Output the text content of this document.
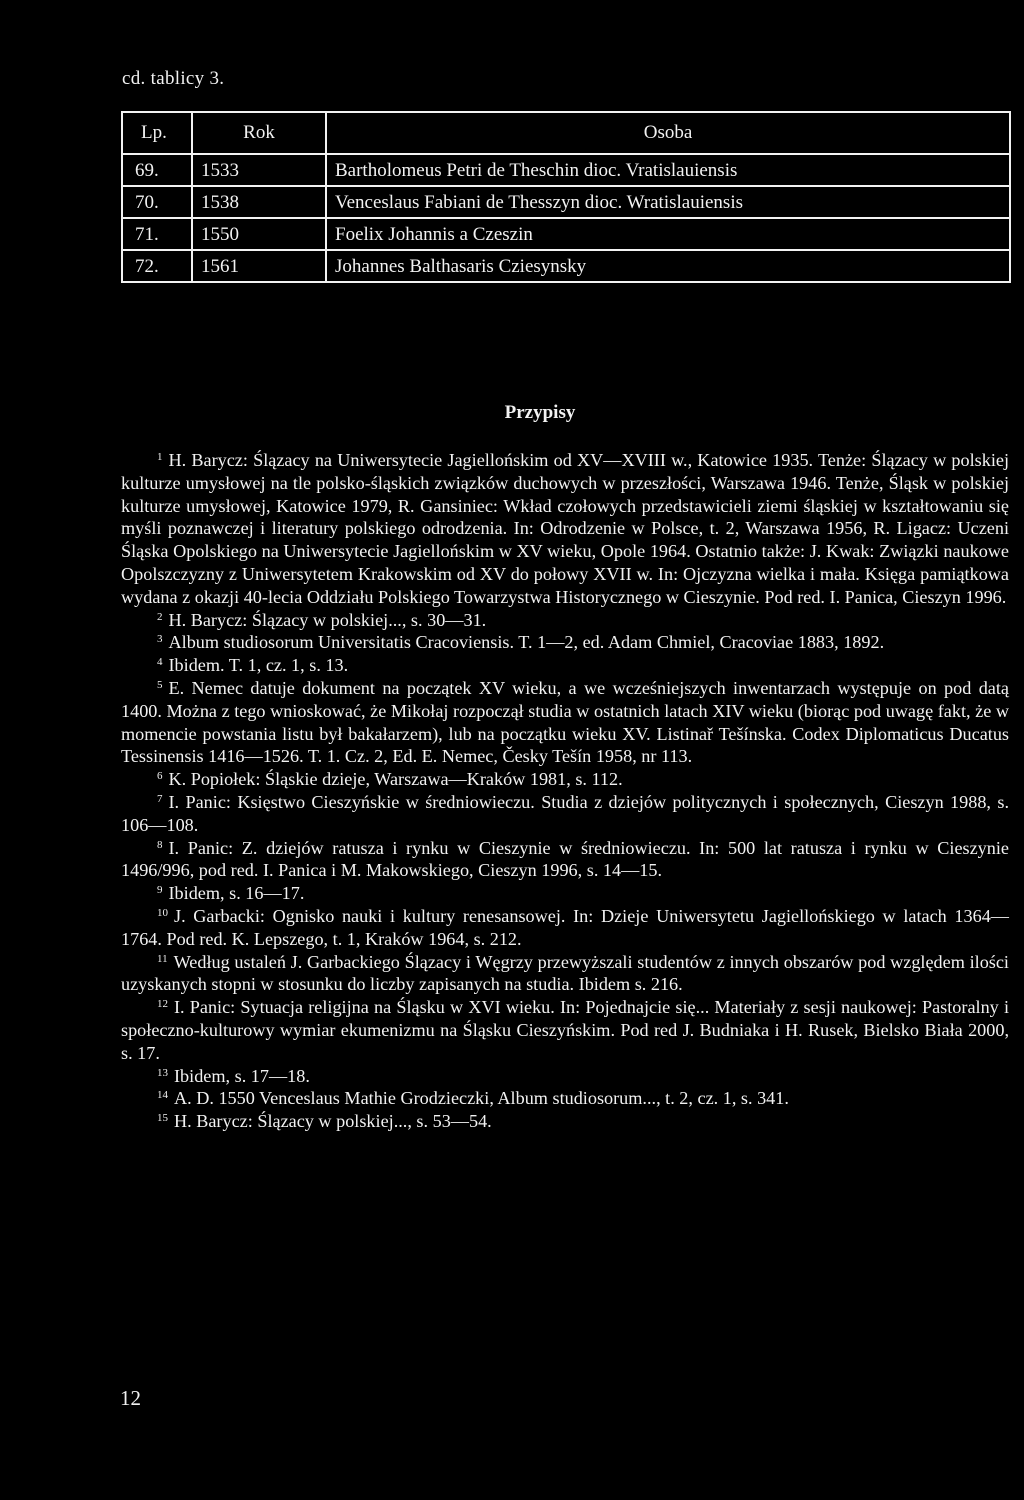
cd. tablicy 3.
Lp.	Rok	Osoba
69.	1533	Bartholomeus Petri de Theschin dioc. Vratislauiensis
70.	1538	Venceslaus Fabiani de Thesszyn dioc. Wratislauiensis
71.	1550	Foelix Johannis a Czeszin
72.	1561	Johannes Balthasaris Cziesynsky
Przypisy

$^1$ H. Barycz: Ślązacy na Uniwersytecie Jagiellońskim od XV—XVIII w., Katowice 1935. Tenże: Ślązacy w polskiej kulturze umysłowej na tle polsko-śląskich związków duchowych w przeszłości, Warszawa 1946. Tenże, Śląsk w polskiej kulturze umysłowej, Katowice 1979, R. Gansiniec: Wkład czołowych przedstawicieli ziemi śląskiej w kształtowaniu się myśli poznawczej i literatury polskiego odrodzenia. In: Odrodzenie w Polsce, t. 2, Warszawa 1956, R. Ligacz: Uczeni Śląska Opolskiego na Uniwersytecie Jagiellońskim w XV wieku, Opole 1964. Ostatnio także: J. Kwak: Związki naukowe Opolszczyzny z Uniwersytetem Krakowskim od XV do połowy XVII w. In: Ojczyzna wielka i mała. Księga pamiątkowa wydana z okazji 40-lecia Oddziału Polskiego Towarzystwa Historycznego w Cieszynie. Pod red. I. Panica, Cieszyn 1996.

$^2$ H. Barycz: Ślązacy w polskiej..., s. 30—31.

$^3$ Album studiosorum Universitatis Cracoviensis. T. 1—2, ed. Adam Chmiel, Cracoviae 1883, 1892.

$^4$ Ibidem. T. 1, cz. 1, s. 13.

$^5$ E. Nemec datuje dokument na początek XV wieku, a we wcześniejszych inwentarzach występuje on pod datą 1400. Można z tego wnioskować, że Mikołaj rozpoczął studia w ostatnich latach XIV wieku (biorąc pod uwagę fakt, że w momencie powstania listu był bakałarzem), lub na początku wieku XV. Listinař Tešínska. Codex Diplomaticus Ducatus Tessinensis 1416—1526. T. 1. Cz. 2, Ed. E. Nemec, Česky Tešín 1958, nr 113.

$^6$ K. Popiołek: Śląskie dzieje, Warszawa—Kraków 1981, s. 112.

$^7$ I. Panic: Księstwo Cieszyńskie w średniowieczu. Studia z dziejów politycznych i społecznych, Cieszyn 1988, s. 106—108.

$^8$ I. Panic: Z. dziejów ratusza i rynku w Cieszynie w średniowieczu. In: 500 lat ratusza i rynku w Cieszynie 1496/996, pod red. I. Panica i M. Makowskiego, Cieszyn 1996, s. 14—15.

$^9$ Ibidem, s. 16—17.

$^{10}$ J. Garbacki: Ognisko nauki i kultury renesansowej. In: Dzieje Uniwersytetu Jagiellońskiego w latach 1364—1764. Pod red. K. Lepszego, t. 1, Kraków 1964, s. 212.

$^{11}$ Według ustaleń J. Garbackiego Ślązacy i Węgrzy przewyższali studentów z innych obszarów pod względem ilości uzyskanych stopni w stosunku do liczby zapisanych na studia. Ibidem s. 216.

$^{12}$ I. Panic: Sytuacja religijna na Śląsku w XVI wieku. In: Pojednajcie się... Materiały z sesji naukowej: Pastoralny i społeczno-kulturowy wymiar ekumenizmu na Śląsku Cieszyńskim. Pod red J. Budniaka i H. Rusek, Bielsko Biała 2000, s. 17.

$^{13}$ Ibidem, s. 17—18.

$^{14}$ A. D. 1550 Venceslaus Mathie Grodzieczki, Album studiosorum..., t. 2, cz. 1, s. 341.

$^{15}$ H. Barycz: Ślązacy w polskiej..., s. 53—54.

12
